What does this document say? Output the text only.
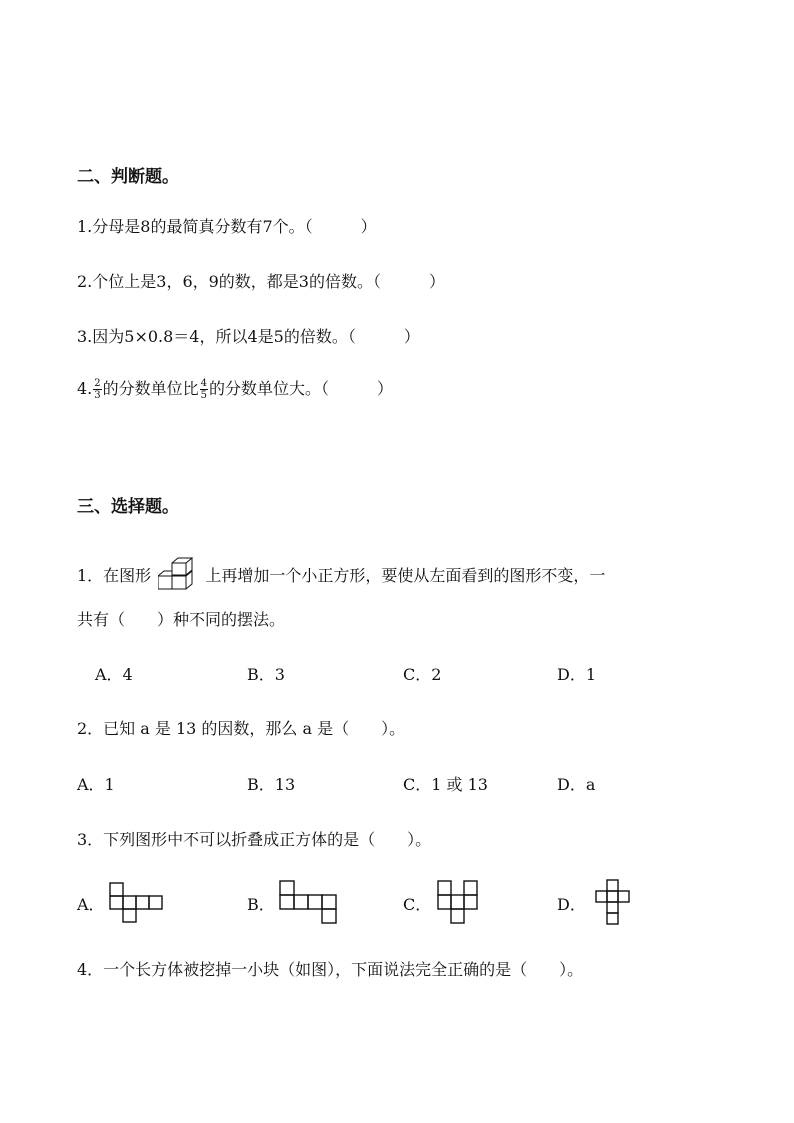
二、判断题。
1.分母是8的最简真分数有7个。（　　　）
2.个位上是3，6，9的数，都是3的倍数。（　　　）
3.因为5×0.8＝4，所以4是5的倍数。（　　　）
4. $\frac{2}{3}$ 的分数单位比 $\frac{4}{5}$ 的分数单位大。（　　　）
三、选择题。
1．在图形	上再增加一个小正方形，要使从左面看到的图形不变，一
共有（　　）种不同的摆法。
A．4	B．3	C．2	D．1
2．已知 a 是 13 的因数，那么 a 是（　　）。
A．1	B．13	C．1 或 13	D．a
3．下列图形中不可以折叠成正方体的是（　　）。
A．	B．	C．	D．
4．一个长方体被挖掉一小块（如图），下面说法完全正确的是（　　）。
